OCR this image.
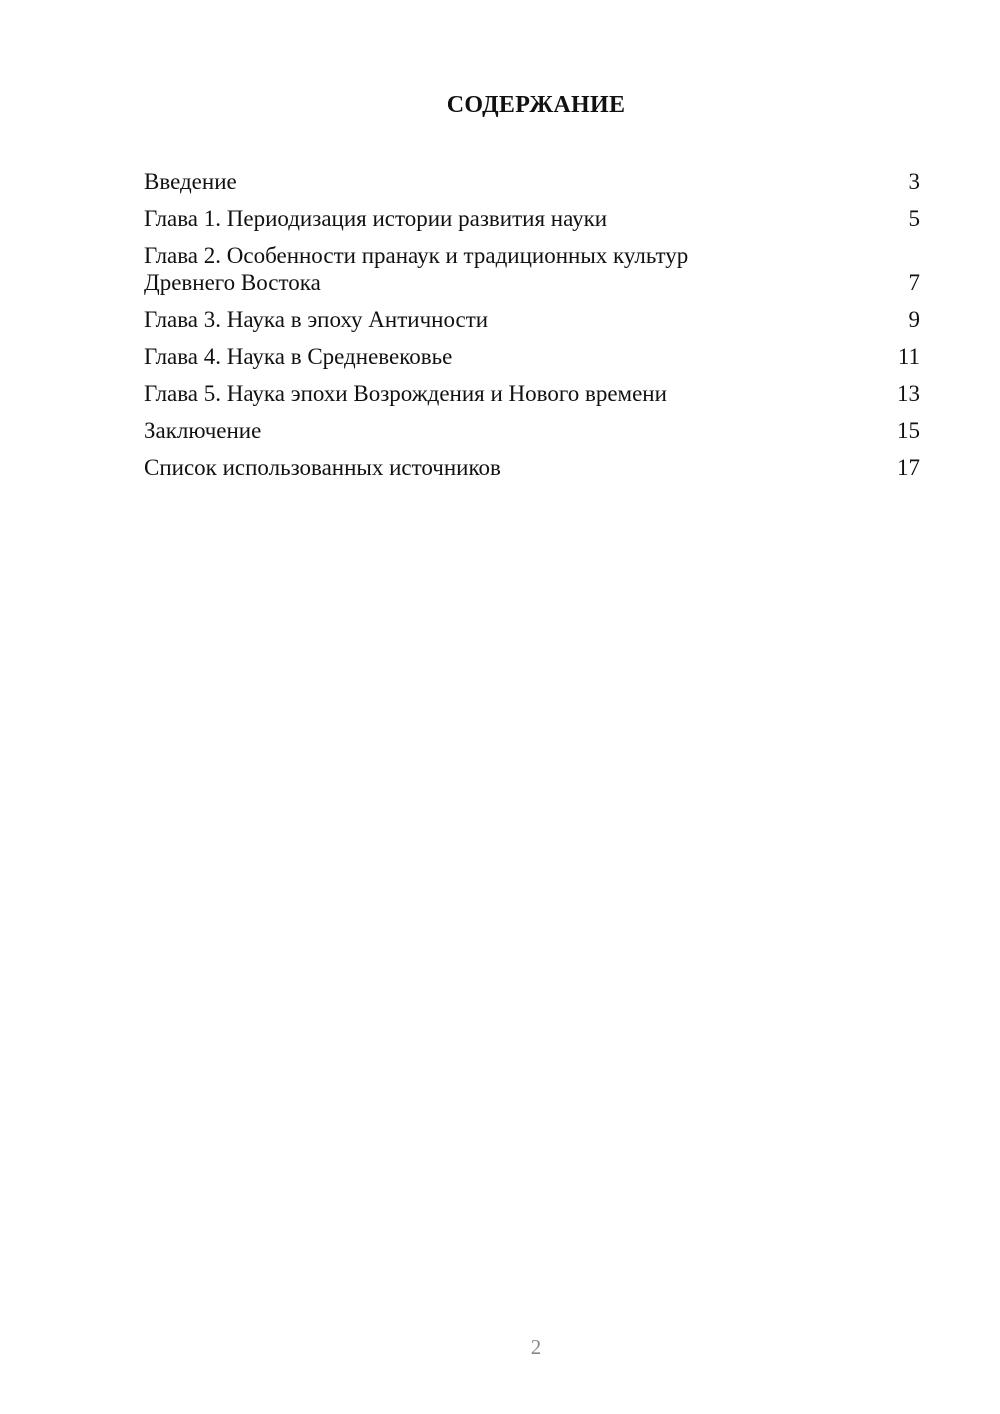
СОДЕРЖАНИЕ
Введение	3
Глава 1. Периодизация истории развития науки	5
Глава 2. Особенности пранаук и традиционных культур
Древнего Востока	7
Глава 3. Наука в эпоху Античности	9
Глава 4. Наука в Средневековье	11
Глава 5. Наука эпохи Возрождения и Нового времени	13
Заключение	15
Список использованных источников	17
2
